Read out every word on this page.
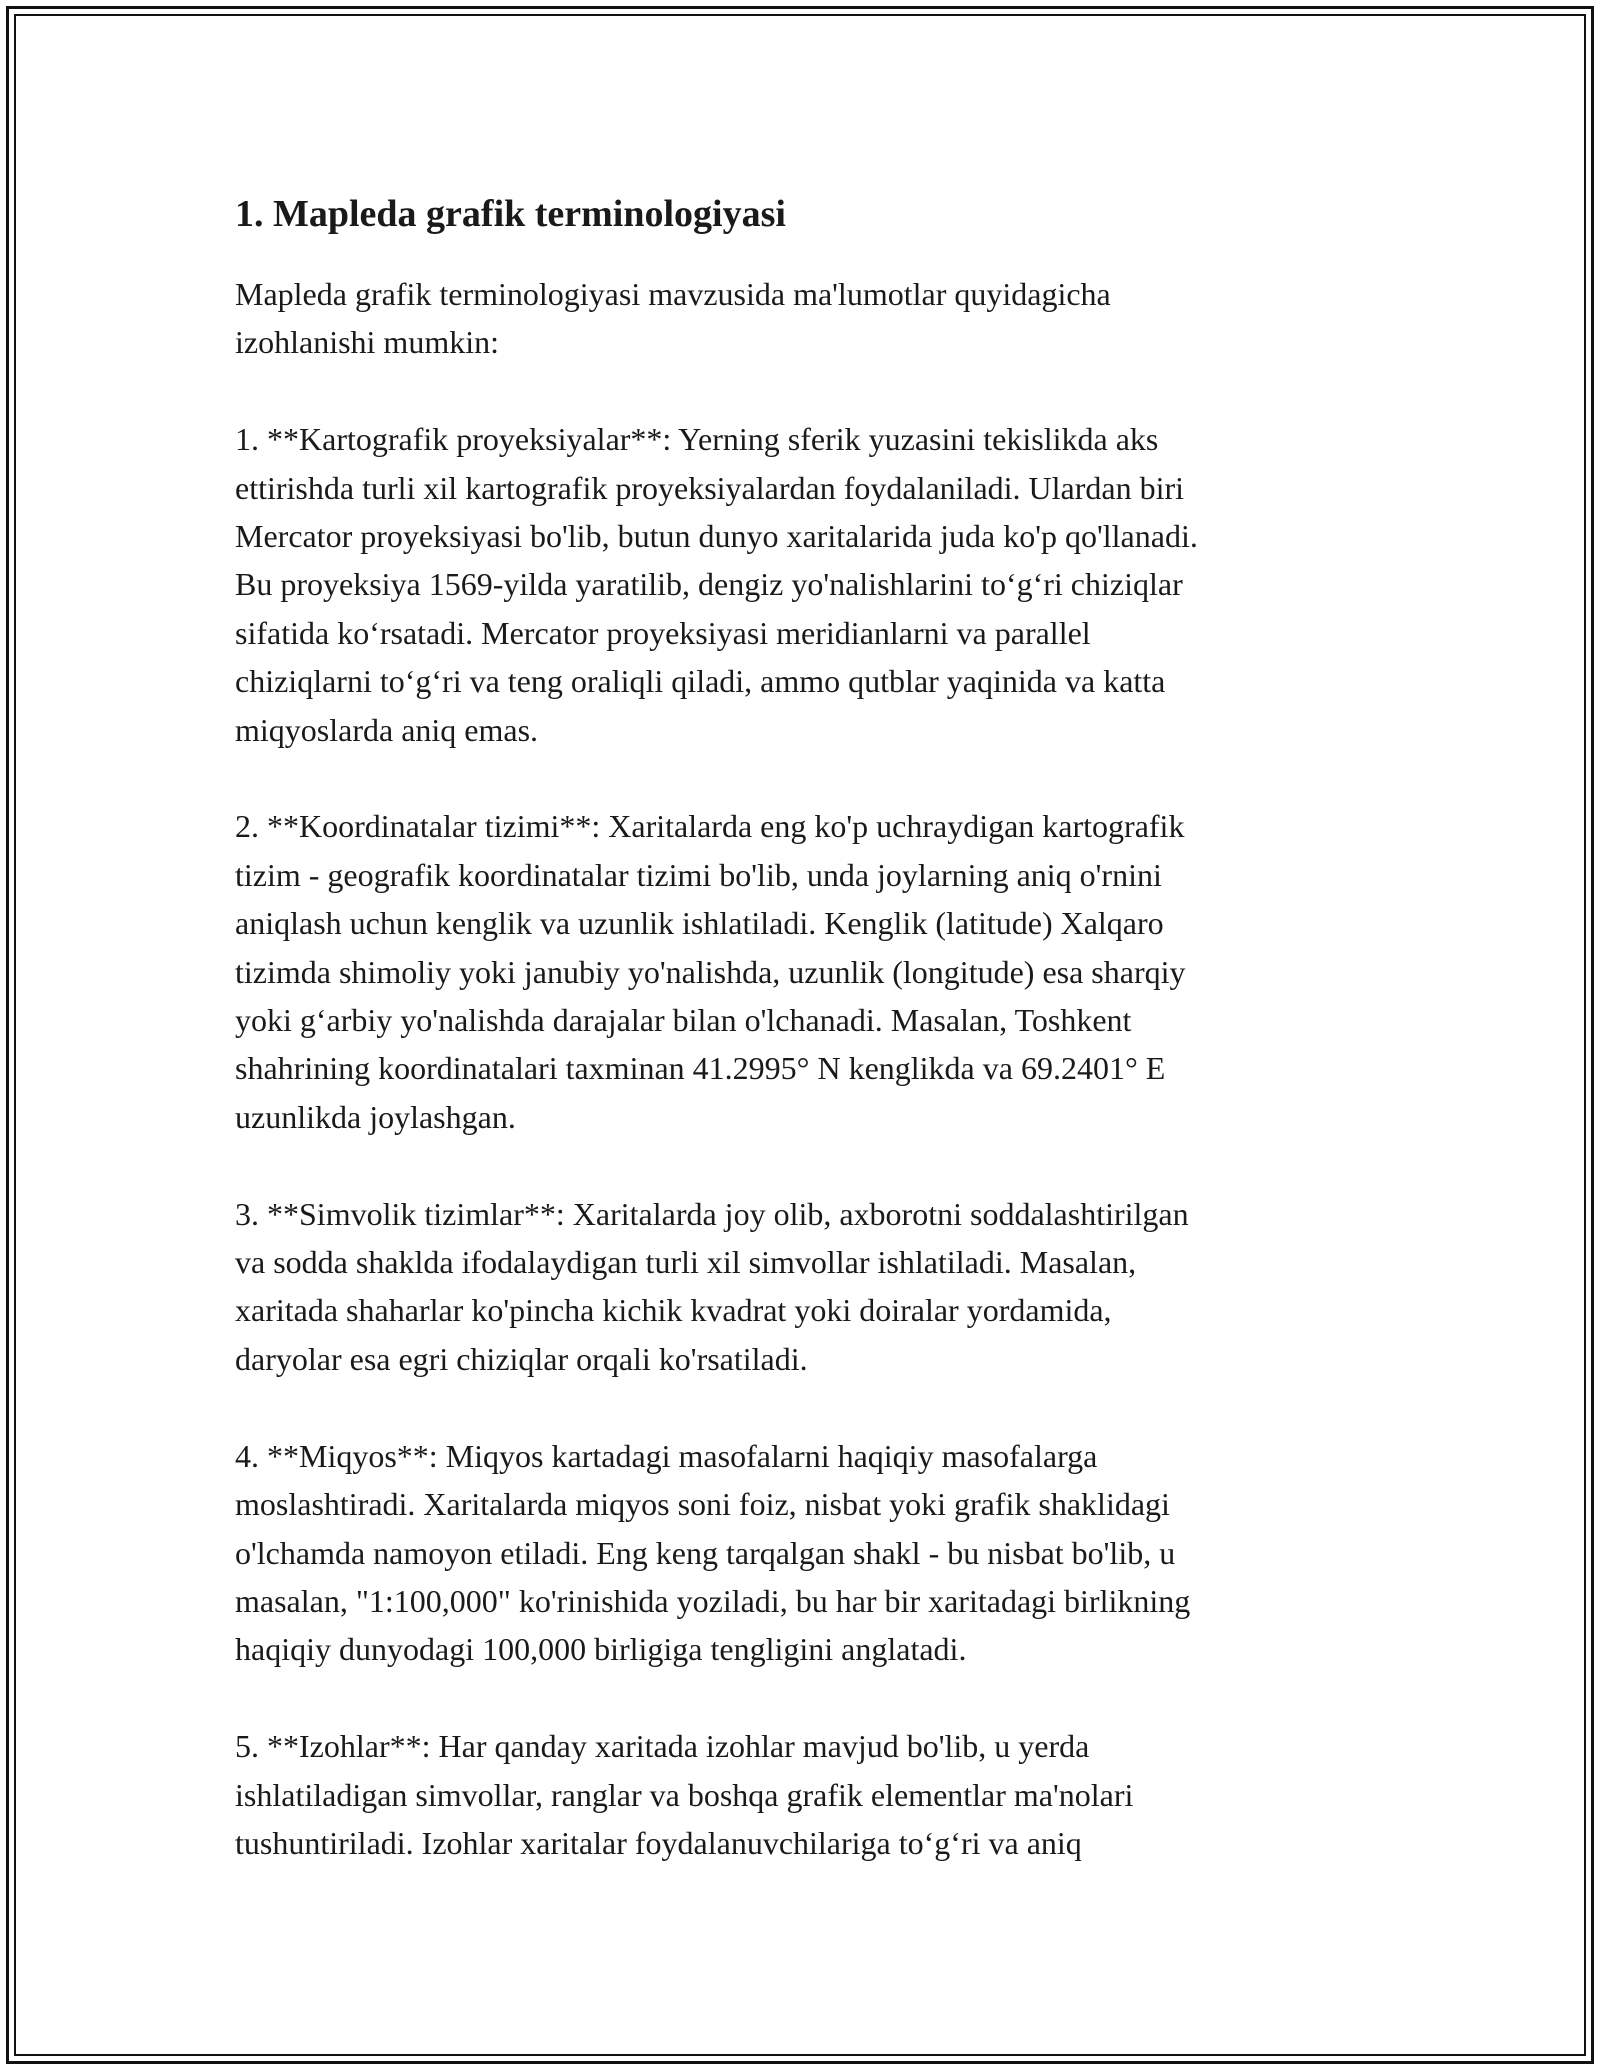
1. Mapleda grafik terminologiyasi

Mapleda grafik terminologiyasi mavzusida ma'lumotlar quyidagicha
izohlanishi mumkin:

1. **Kartografik proyeksiyalar**: Yerning sferik yuzasini tekislikda aks
ettirishda turli xil kartografik proyeksiyalardan foydalaniladi. Ulardan biri
Mercator proyeksiyasi bo'lib, butun dunyo xaritalarida juda ko'p qo'llanadi.
Bu proyeksiya 1569-yilda yaratilib, dengiz yo'nalishlarini to‘g‘ri chiziqlar
sifatida ko‘rsatadi. Mercator proyeksiyasi meridianlarni va parallel
chiziqlarni to‘g‘ri va teng oraliqli qiladi, ammo qutblar yaqinida va katta
miqyoslarda aniq emas.

2. **Koordinatalar tizimi**: Xaritalarda eng ko'p uchraydigan kartografik
tizim - geografik koordinatalar tizimi bo'lib, unda joylarning aniq o'rnini
aniqlash uchun kenglik va uzunlik ishlatiladi. Kenglik (latitude) Xalqaro
tizimda shimoliy yoki janubiy yo'nalishda, uzunlik (longitude) esa sharqiy
yoki g‘arbiy yo'nalishda darajalar bilan o'lchanadi. Masalan, Toshkent
shahrining koordinatalari taxminan 41.2995° N kenglikda va 69.2401° E
uzunlikda joylashgan.

3. **Simvolik tizimlar**: Xaritalarda joy olib, axborotni soddalashtirilgan
va sodda shaklda ifodalaydigan turli xil simvollar ishlatiladi. Masalan,
xaritada shaharlar ko'pincha kichik kvadrat yoki doiralar yordamida,
daryolar esa egri chiziqlar orqali ko'rsatiladi.

4. **Miqyos**: Miqyos kartadagi masofalarni haqiqiy masofalarga
moslashtiradi. Xaritalarda miqyos soni foiz, nisbat yoki grafik shaklidagi
o'lchamda namoyon etiladi. Eng keng tarqalgan shakl - bu nisbat bo'lib, u
masalan, "1:100,000" ko'rinishida yoziladi, bu har bir xaritadagi birlikning
haqiqiy dunyodagi 100,000 birligiga tengligini anglatadi.

5. **Izohlar**: Har qanday xaritada izohlar mavjud bo'lib, u yerda
ishlatiladigan simvollar, ranglar va boshqa grafik elementlar ma'nolari
tushuntiriladi. Izohlar xaritalar foydalanuvchilariga to‘g‘ri va aniq
